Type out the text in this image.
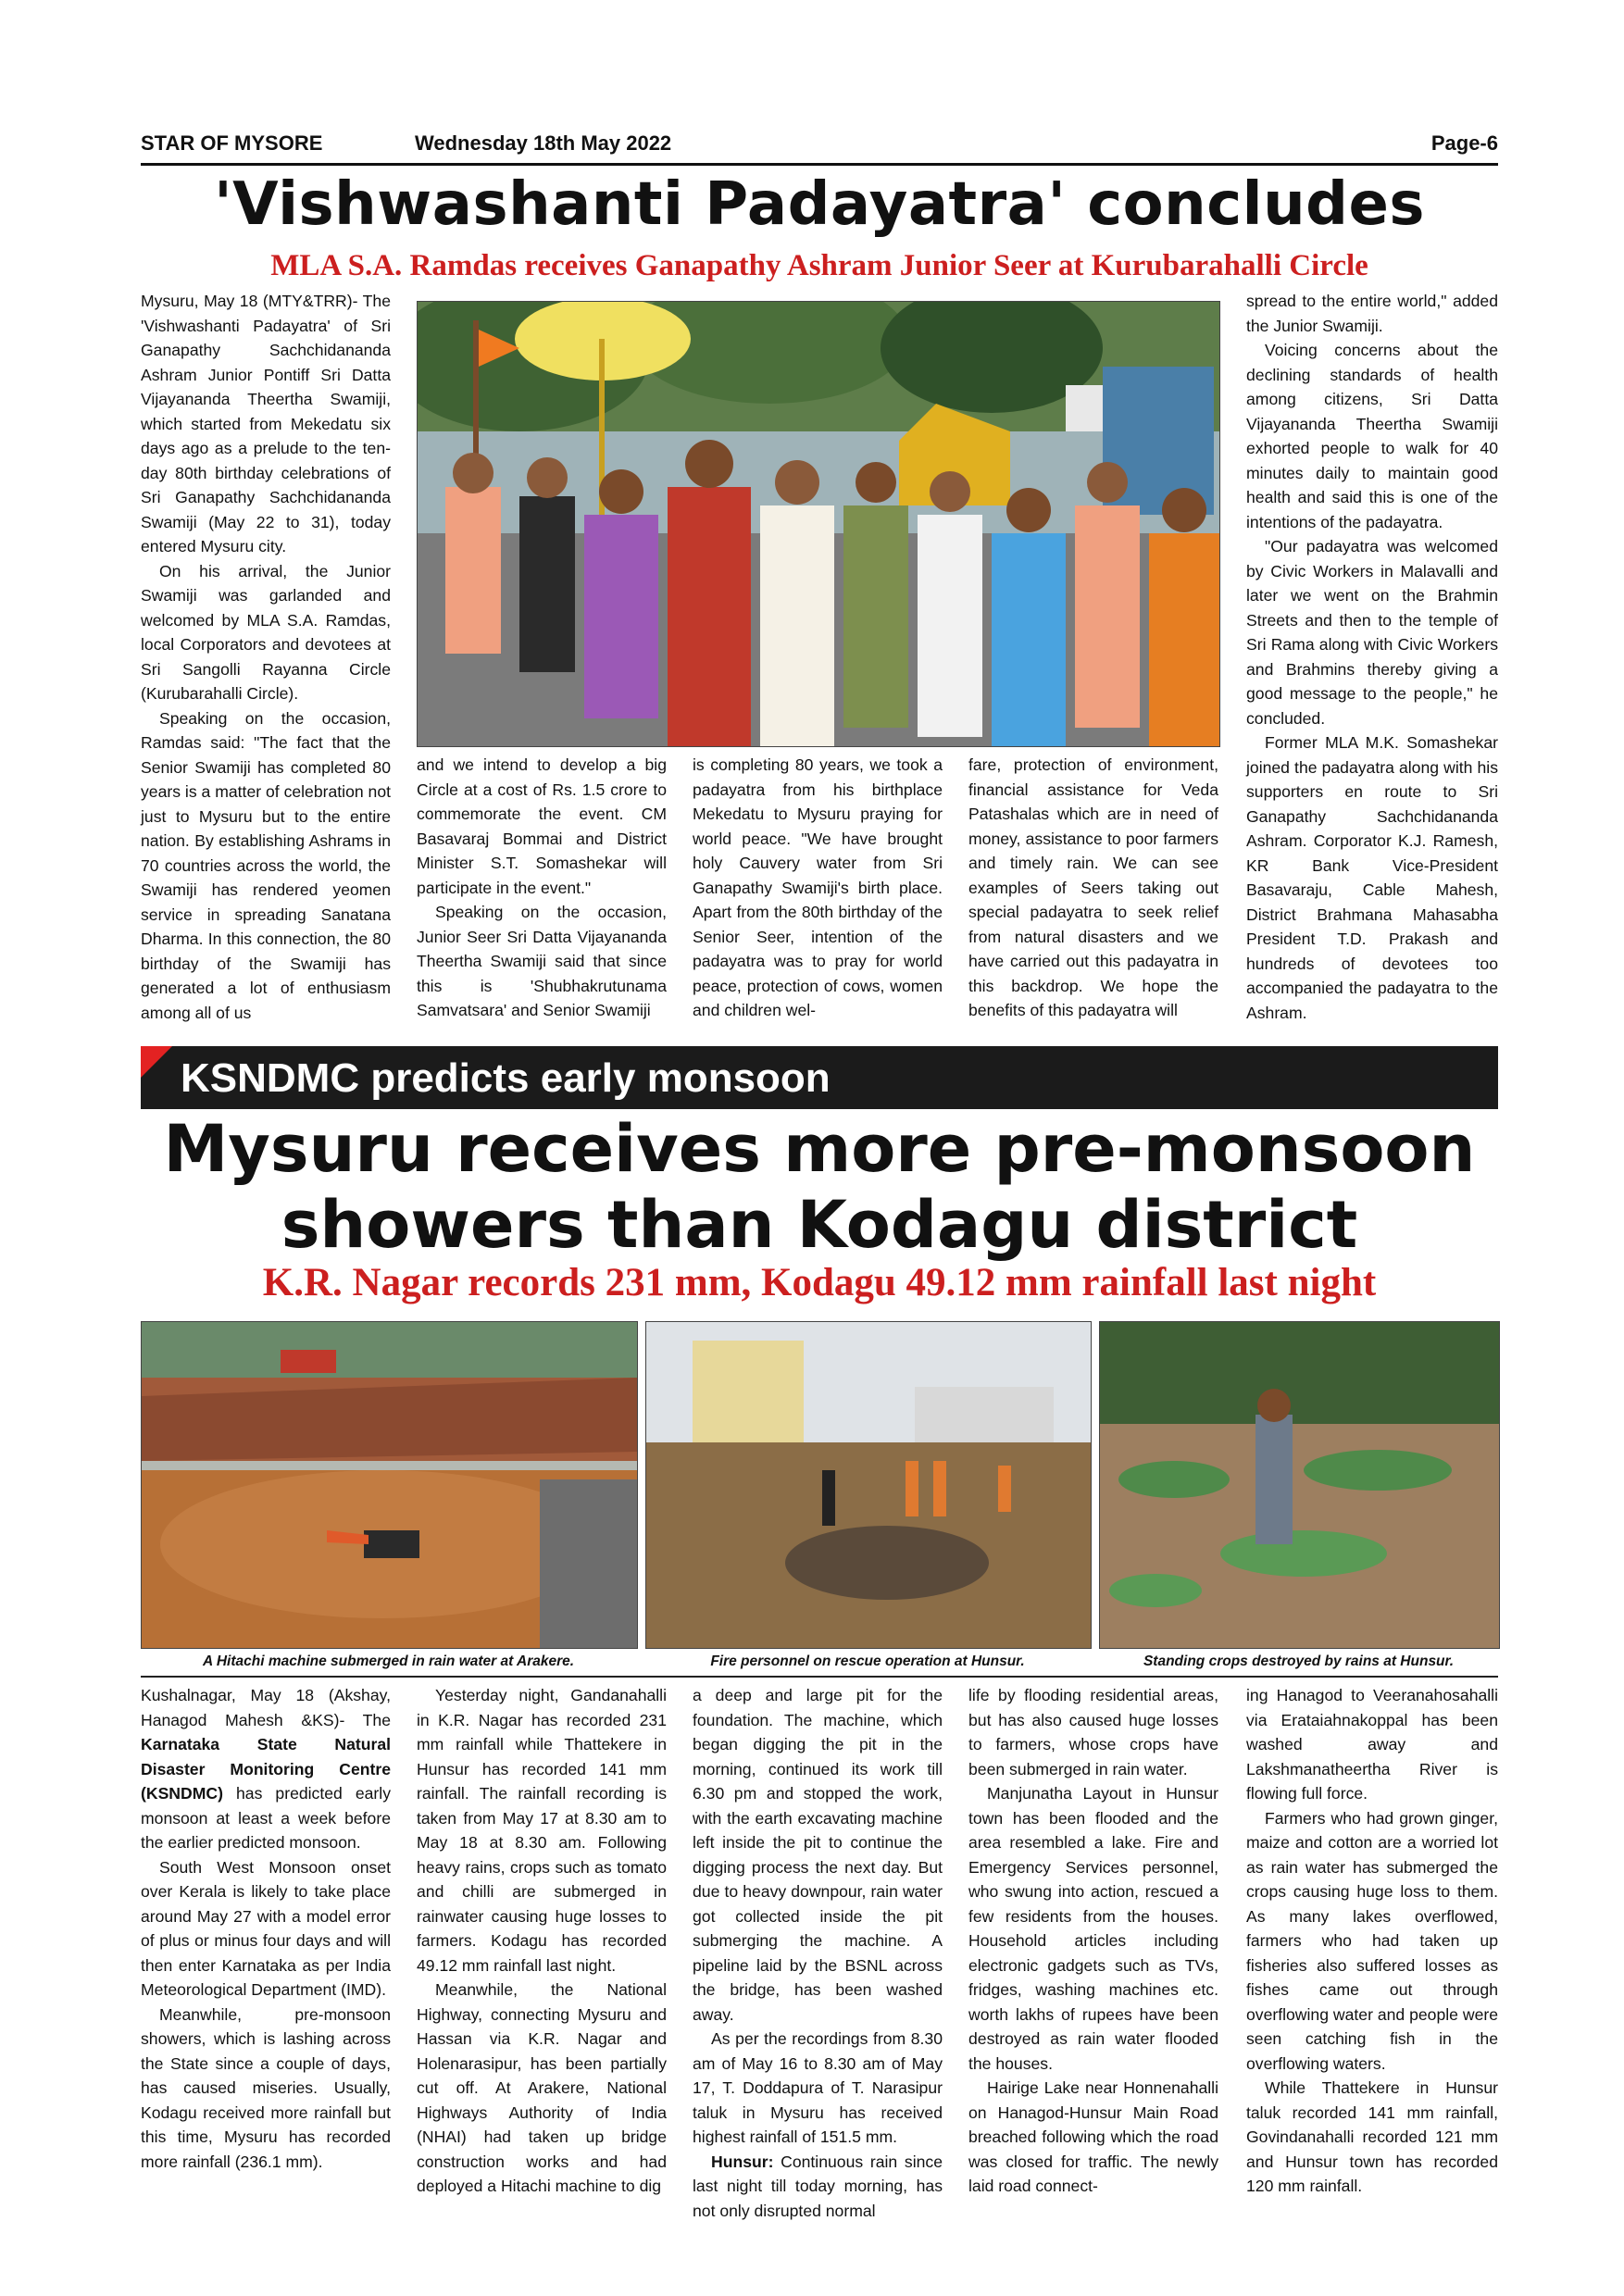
STAR OF MYSORE	Wednesday 18th May 2022	Page-6
'Vishwashanti Padayatra' concludes
MLA S.A. Ramdas receives Ganapathy Ashram Junior Seer at Kurubarahalli Circle

Mysuru, May 18 (MTY&TRR)- The 'Vishwashanti Padayatra' of Sri Ganapathy Sachchidananda Ashram Junior Pontiff Sri Datta Vijayananda Theertha Swamiji, which started from Mekedatu six days ago as a prelude to the ten-day 80th birthday celebrations of Sri Ganapathy Sachchidananda Swamiji (May 22 to 31), today entered Mysuru city.

On his arrival, the Junior Swamiji was garlanded and welcomed by MLA S.A. Ramdas, local Corporators and devotees at Sri Sangolli Rayanna Circle (Kurubarahalli Circle).

Speaking on the occasion, Ramdas said: "The fact that the Senior Swamiji has completed 80 years is a matter of celebration not just to Mysuru but to the entire nation. By establishing Ashrams in 70 countries across the world, the Swamiji has rendered yeomen service in spreading Sanatana Dharma. In this connection, the 80 birthday of the Swamiji has generated a lot of enthusiasm among all of us

and we intend to develop a big Circle at a cost of Rs. 1.5 crore to commemorate the event. CM Basavaraj Bommai and District Minister S.T. Somashekar will participate in the event."

Speaking on the occasion, Junior Seer Sri Datta Vijayananda Theertha Swamiji said that since this is 'Shubhakrutunama Samvatsara' and Senior Swamiji

is completing 80 years, we took a padayatra from his birthplace Mekedatu to Mysuru praying for world peace. "We have brought holy Cauvery water from Sri Ganapathy Swamiji's birth place. Apart from the 80th birthday of the Senior Seer, intention of the padayatra was to pray for world peace, protection of cows, women and children wel-

fare, protection of environment, financial assistance for Veda Patashalas which are in need of money, assistance to poor farmers and timely rain. We can see examples of Seers taking out special padayatra to seek relief from natural disasters and we have carried out this padayatra in this backdrop. We hope the benefits of this padayatra will

spread to the entire world," added the Junior Swamiji.

Voicing concerns about the declining standards of health among citizens, Sri Datta Vijayananda Theertha Swamiji exhorted people to walk for 40 minutes daily to maintain good health and said this is one of the intentions of the padayatra.

"Our padayatra was welcomed by Civic Workers in Malavalli and later we went on the Brahmin Streets and then to the temple of Sri Rama along with Civic Workers and Brahmins thereby giving a good message to the people," he concluded.

Former MLA M.K. Somashekar joined the padayatra along with his supporters en route to Sri Ganapathy Sachchidananda Ashram. Corporator K.J. Ramesh, KR Bank Vice-President Basavaraju, Cable Mahesh, District Brahmana Mahasabha President T.D. Prakash and hundreds of devotees too accompanied the padayatra to the Ashram.

KSNDMC predicts early monsoon
Mysuru receives more pre-monsoon
showers than Kodagu district
K.R. Nagar records 231 mm, Kodagu 49.12 mm rainfall last night
A Hitachi machine submerged in rain water at Arakere.	Fire personnel on rescue operation at Hunsur.	Standing crops destroyed by rains at Hunsur.

Kushalnagar, May 18 (Akshay, Hanagod Mahesh &KS)- The Karnataka State Natural Disaster Monitoring Centre (KSNDMC) has predicted early monsoon at least a week before the earlier predicted monsoon.

South West Monsoon onset over Kerala is likely to take place around May 27 with a model error of plus or minus four days and will then enter Karnataka as per India Meteorological Department (IMD).

Meanwhile, pre-monsoon showers, which is lashing across the State since a couple of days, has caused miseries. Usually, Kodagu received more rainfall but this time, Mysuru has recorded more rainfall (236.1 mm).

Yesterday night, Gandanahalli in K.R. Nagar has recorded 231 mm rainfall while Thattekere in Hunsur has recorded 141 mm rainfall. The rainfall recording is taken from May 17 at 8.30 am to May 18 at 8.30 am. Following heavy rains, crops such as tomato and chilli are submerged in rainwater causing huge losses to farmers. Kodagu has recorded 49.12 mm rainfall last night.

Meanwhile, the National Highway, connecting Mysuru and Hassan via K.R. Nagar and Holenarasipur, has been partially cut off. At Arakere, National Highways Authority of India (NHAI) had taken up bridge construction works and had deployed a Hitachi machine to dig

a deep and large pit for the foundation. The machine, which began digging the pit in the morning, continued its work till 6.30 pm and stopped the work, with the earth excavating machine left inside the pit to continue the digging process the next day. But due to heavy downpour, rain water got collected inside the pit submerging the machine. A pipeline laid by the BSNL across the bridge, has been washed away.

As per the recordings from 8.30 am of May 16 to 8.30 am of May 17, T. Doddapura of T. Narasipur taluk in Mysuru has received highest rainfall of 151.5 mm.

Hunsur: Continuous rain since last night till today morning, has not only disrupted normal

life by flooding residential areas, but has also caused huge losses to farmers, whose crops have been submerged in rain water.

Manjunatha Layout in Hunsur town has been flooded and the area resembled a lake. Fire and Emergency Services personnel, who swung into action, rescued a few residents from the houses. Household articles including electronic gadgets such as TVs, fridges, washing machines etc. worth lakhs of rupees have been destroyed as rain water flooded the houses.

Hairige Lake near Honnenahalli on Hanagod-Hunsur Main Road breached following which the road was closed for traffic. The newly laid road connect-

ing Hanagod to Veeranahosahalli via Erataiahnakoppal has been washed away and Lakshmanatheertha River is flowing full force.

Farmers who had grown ginger, maize and cotton are a worried lot as rain water has submerged the crops causing huge loss to them. As many lakes overflowed, farmers who had taken up fisheries also suffered losses as fishes came out through overflowing water and people were seen catching fish in the overflowing waters.

While Thattekere in Hunsur taluk recorded 141 mm rainfall, Govindanahalli recorded 121 mm and Hunsur town has recorded 120 mm rainfall.
